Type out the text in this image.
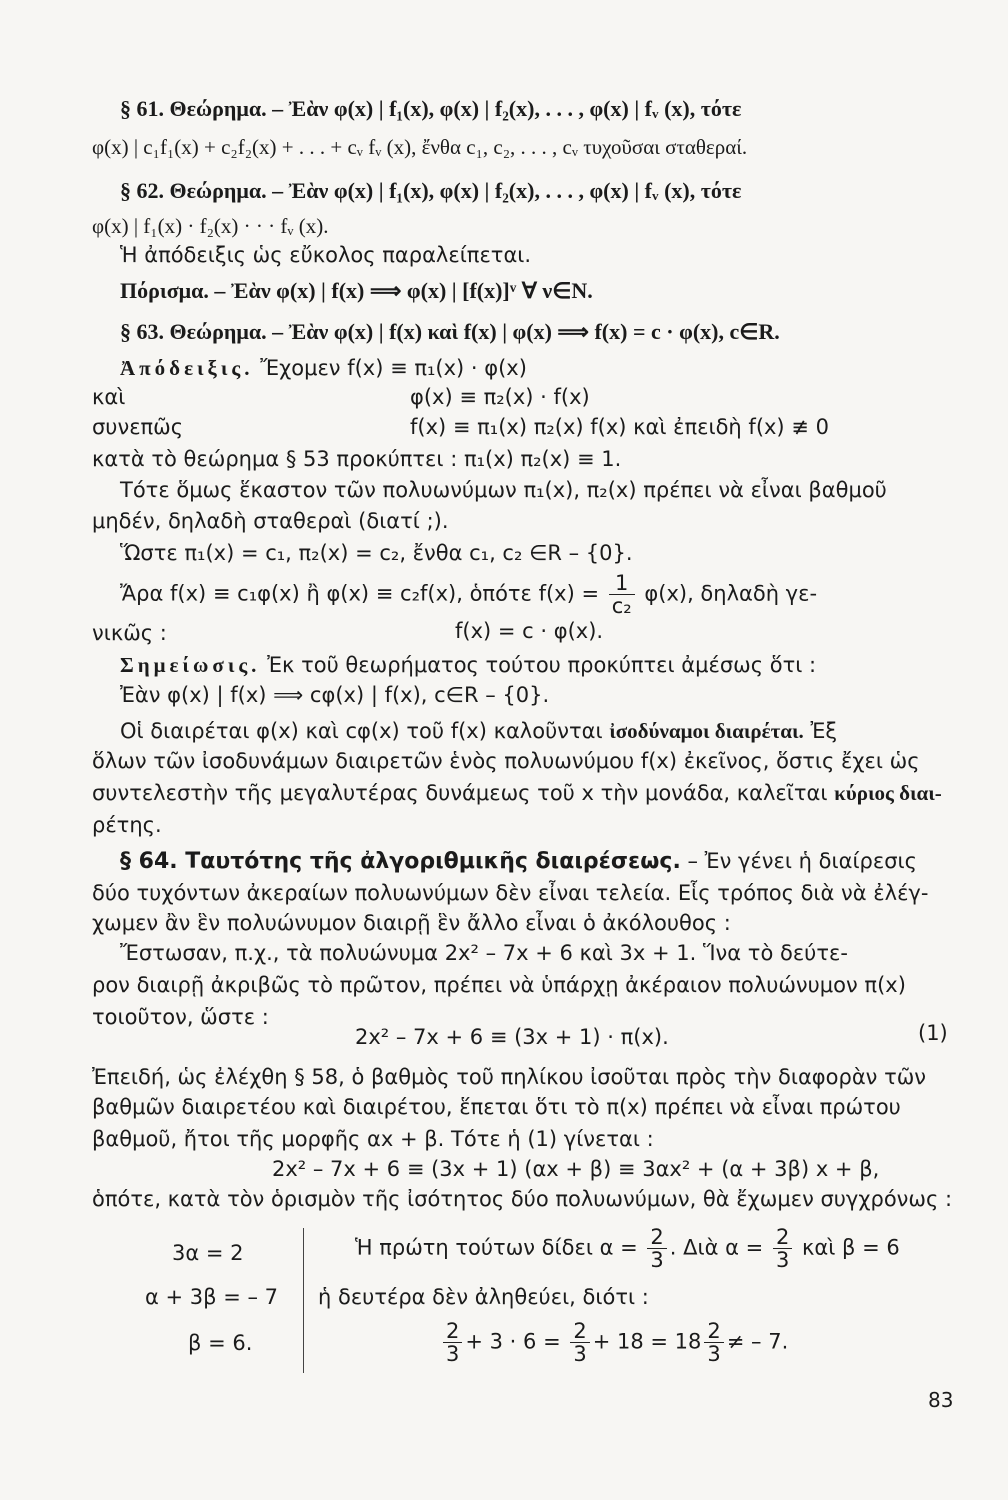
§ 61. Θεώρημα. – Ἐὰν φ(x) | f₁(x), φ(x) | f₂(x), . . . , φ(x) | fᵥ (x), τότε
φ(x) | c₁f₁(x) + c₂f₂(x) + . . . + cᵥ fᵥ (x), ἔνθα c₁, c₂, . . . , cᵥ τυχοῦσαι σταθεραί.
§ 62. Θεώρημα. – Ἐὰν φ(x) | f₁(x), φ(x) | f₂(x), . . . , φ(x) | fᵥ (x), τότε
φ(x) | f₁(x) · f₂(x) · · · fᵥ (x).
Ἡ ἀπόδειξις ὡς εὔκολος παραλείπεται.
Πόρισμα. – Ἐὰν φ(x) | f(x) ⟹ φ(x) | [f(x)]ᵛ ∀ ν∈N.
§ 63. Θεώρημα. – Ἐὰν φ(x) | f(x) καὶ f(x) | φ(x) ⟹ f(x) = c · φ(x), c∈R.
Ἀπόδειξις. Ἔχομεν f(x) ≡ π₁(x) · φ(x)
καὶ	φ(x) ≡ π₂(x) · f(x)
συνεπῶς	f(x) ≡ π₁(x) π₂(x) f(x) καὶ ἐπειδὴ f(x) ≢ 0
κατὰ τὸ θεώρημα § 53 προκύπτει : π₁(x) π₂(x) ≡ 1.
Τότε ὅμως ἕκαστον τῶν πολυωνύμων π₁(x), π₂(x) πρέπει νὰ εἶναι βαθμοῦ
μηδέν, δηλαδὴ σταθεραὶ (διατί ;).
Ὥστε π₁(x) = c₁, π₂(x) = c₂, ἔνθα c₁, c₂ ∈R – {0}.
Ἄρα f(x) ≡ c₁φ(x) ἢ φ(x) ≡ c₂f(x), ὁπότε $f(x) = \frac{1}{\text{c₂}} \varphi(x)$, δηλαδὴ γε-
νικῶς :	f(x) = c · φ(x).
Σημείωσις. Ἐκ τοῦ θεωρήματος τούτου προκύπτει ἀμέσως ὅτι :
Ἐὰν φ(x) | f(x) ⟹ cφ(x) | f(x), c∈R – {0}.
Οἱ διαιρέται φ(x) καὶ cφ(x) τοῦ f(x) καλοῦνται ἰσοδύναμοι διαιρέται. Ἐξ
ὅλων τῶν ἰσοδυνάμων διαιρετῶν ἑνὸς πολυωνύμου f(x) ἐκεῖνος, ὅστις ἔχει ὡς
συντελεστὴν τῆς μεγαλυτέρας δυνάμεως τοῦ x τὴν μονάδα, καλεῖται κύριος διαι-
ρέτης.
§ 64. Ταυτότης τῆς ἀλγοριθμικῆς διαιρέσεως. – Ἐν γένει ἡ διαίρεσις
δύο τυχόντων ἀκεραίων πολυωνύμων δὲν εἶναι τελεία. Εἷς τρόπος διὰ νὰ ἐλέγ-
χωμεν ἂν ἓν πολυώνυμον διαιρῇ ἓν ἄλλο εἶναι ὁ ἀκόλουθος :
Ἔστωσαν, π.χ., τὰ πολυώνυμα 2x² – 7x + 6 καὶ 3x + 1. Ἵνα τὸ δεύτε-
ρον διαιρῇ ἀκριβῶς τὸ πρῶτον, πρέπει νὰ ὑπάρχῃ ἀκέραιον πολυώνυμον π(x)
τοιοῦτον, ὥστε :
2x² – 7x + 6 ≡ (3x + 1) · π(x).	(1)
Ἐπειδή, ὡς ἐλέχθη § 58, ὁ βαθμὸς τοῦ πηλίκου ἰσοῦται πρὸς τὴν διαφορὰν τῶν
βαθμῶν διαιρετέου καὶ διαιρέτου, ἕπεται ὅτι τὸ π(x) πρέπει νὰ εἶναι πρώτου
βαθμοῦ, ἤτοι τῆς μορφῆς αx + β. Τότε ἡ (1) γίνεται :
2x² – 7x + 6 ≡ (3x + 1) (αx + β) ≡ 3αx² + (α + 3β) x + β,
ὁπότε, κατὰ τὸν ὁρισμὸν τῆς ἰσότητος δύο πολυωνύμων, θὰ ἔχωμεν συγχρόνως :
3α = 2	Ἡ πρώτη τούτων δίδει $\alpha = \frac{2}{3}$ . Διὰ $\alpha = \frac{2}{3}$ καὶ β = 6
α + 3β = – 7 ἡ δευτέρα δὲν ἀληθεύει, διότι :
β = 6.	$\frac{2}{3} + 3 \cdot 6 = \frac{2}{3} + 18 = 18 \frac{2}{3}$ ≠ – 7.
83
